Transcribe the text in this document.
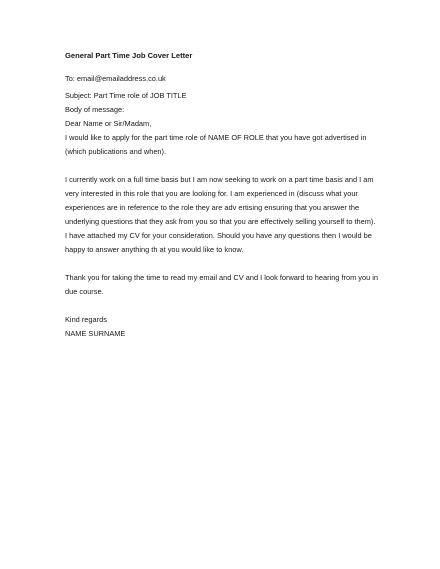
General Part Time Job Cover Letter
To: email@emailaddress.co.uk
Subject: Part Time role of JOB TITLE
Body of message:
Dear Name or Sir/Madam,
I would like to apply for the part time role of NAME OF ROLE that you have got advertised in
(which publications and when).
I currently work on a full time basis but I am now seeking to work on a part time basis and I am
very interested in this role that you are looking for. I am experienced in (discuss what your
experiences are in reference to the role they are adv ertising ensuring that you answer the
underlying questions that they ask from you so that you are effectively selling yourself to them).
I have attached my CV for your consideration. Should you have any questions then I would be
happy to answer anything th at you would like to know.
Thank you for taking the time to read my email and CV and I look forward to hearing from you in
due course.
Kind regards
NAME SURNAME
